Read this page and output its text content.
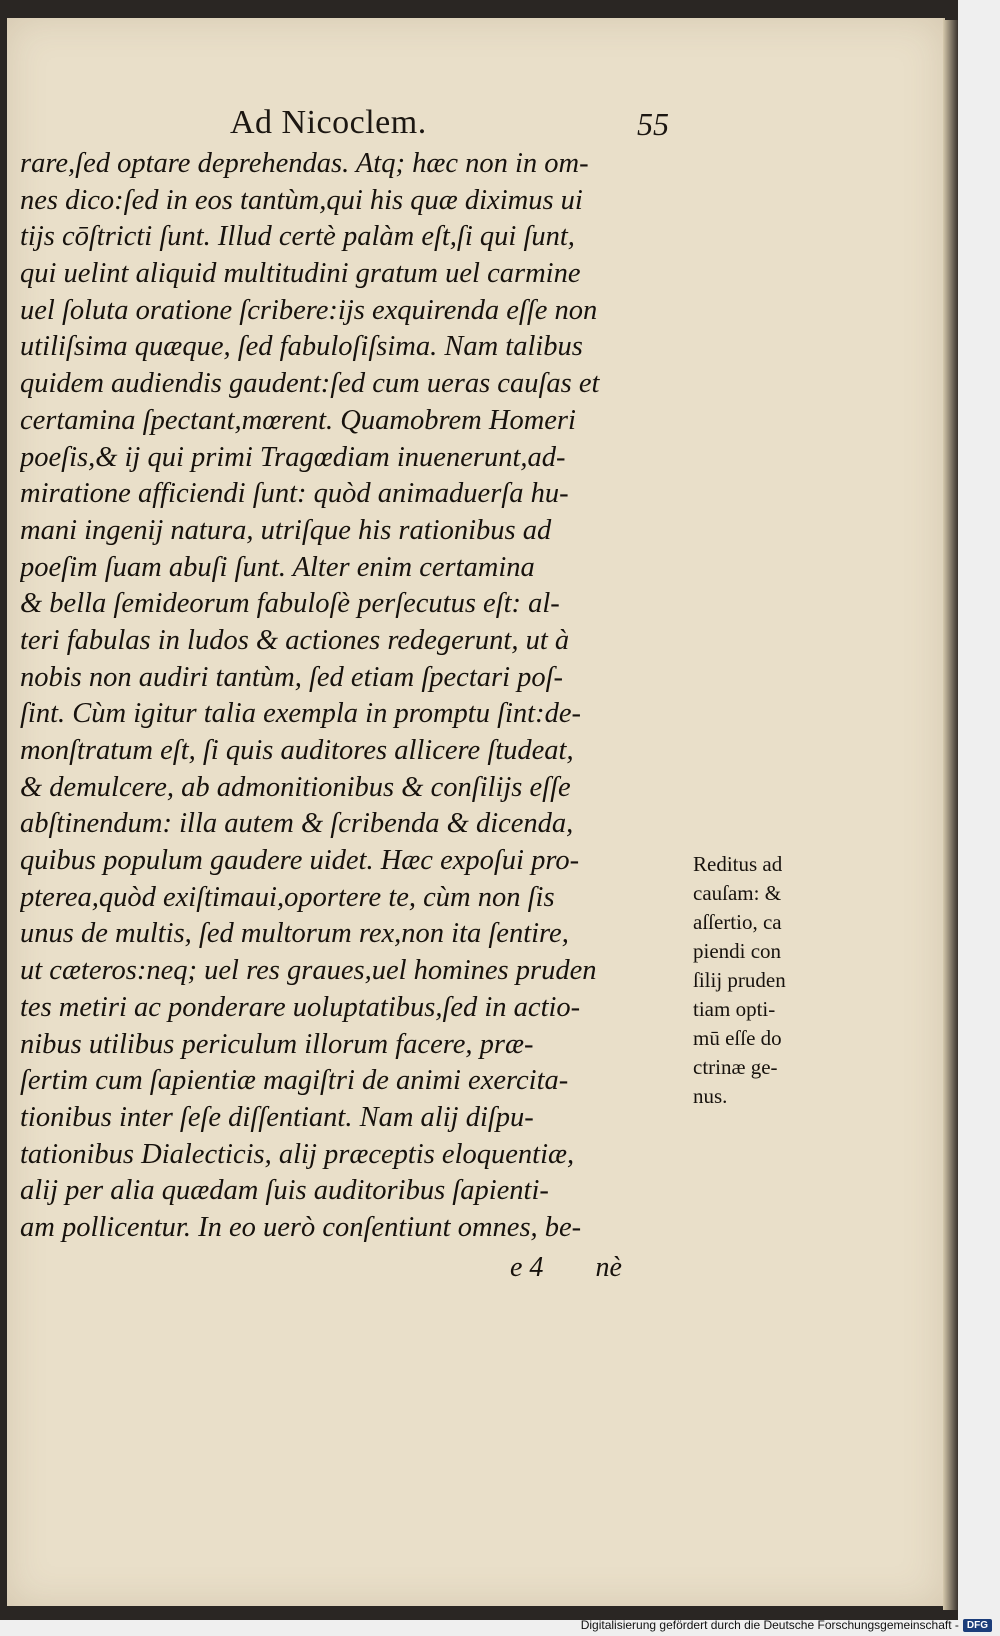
Ad Nicoclem.	55
rare,ſed optare deprehendas. Atq; hæc non in om-
nes dico:ſed in eos tantùm,qui his quæ diximus ui
tijs cōſtricti ſunt. Illud certè palàm eſt,ſi qui ſunt,
qui uelint aliquid multitudini gratum uel carmine
uel ſoluta oratione ſcribere:ijs exquirenda eſſe non
utiliſsima quæque, ſed fabuloſiſsima. Nam talibus
quidem audiendis gaudent:ſed cum ueras cauſas et
certamina ſpectant,mœrent. Quamobrem Homeri
poeſis,& ij qui primi Tragœdiam inuenerunt,ad-
miratione afficiendi ſunt: quòd animaduerſa hu-
mani ingenij natura, utriſque his rationibus ad
poeſim ſuam abuſi ſunt. Alter enim certamina
& bella ſemideorum fabuloſè perſecutus eſt: al-
teri fabulas in ludos & actiones redegerunt, ut à
nobis non audiri tantùm, ſed etiam ſpectari poſ-
ſint. Cùm igitur talia exempla in promptu ſint:de-
monſtratum eſt, ſi quis auditores allicere ſtudeat,
& demulcere, ab admonitionibus & conſilijs eſſe
abſtinendum: illa autem & ſcribenda & dicenda,
quibus populum gaudere uidet. Hæc expoſui pro-
pterea,quòd exiſtimaui,oportere te, cùm non ſis
unus de multis, ſed multorum rex,non ita ſentire,
ut cæteros:neq; uel res graues,uel homines pruden
tes metiri ac ponderare uoluptatibus,ſed in actio-
nibus utilibus periculum illorum facere, præ-
ſertim cum ſapientiæ magiſtri de animi exercita-
tionibus inter ſeſe diſſentiant. Nam alij diſpu-
tationibus Dialecticis, alij præceptis eloquentiæ,
alij per alia quædam ſuis auditoribus ſapienti-
am pollicentur. In eo uerò conſentiunt omnes, be-
Reditus ad
cauſam: &
aſſertio, ca
piendi con
ſilij pruden
tiam opti-
mū eſſe do
ctrinæ ge-
nus.
e 4 nè
Digitalisierung gefördert durch die Deutsche Forschungsgemeinschaft - DFG
